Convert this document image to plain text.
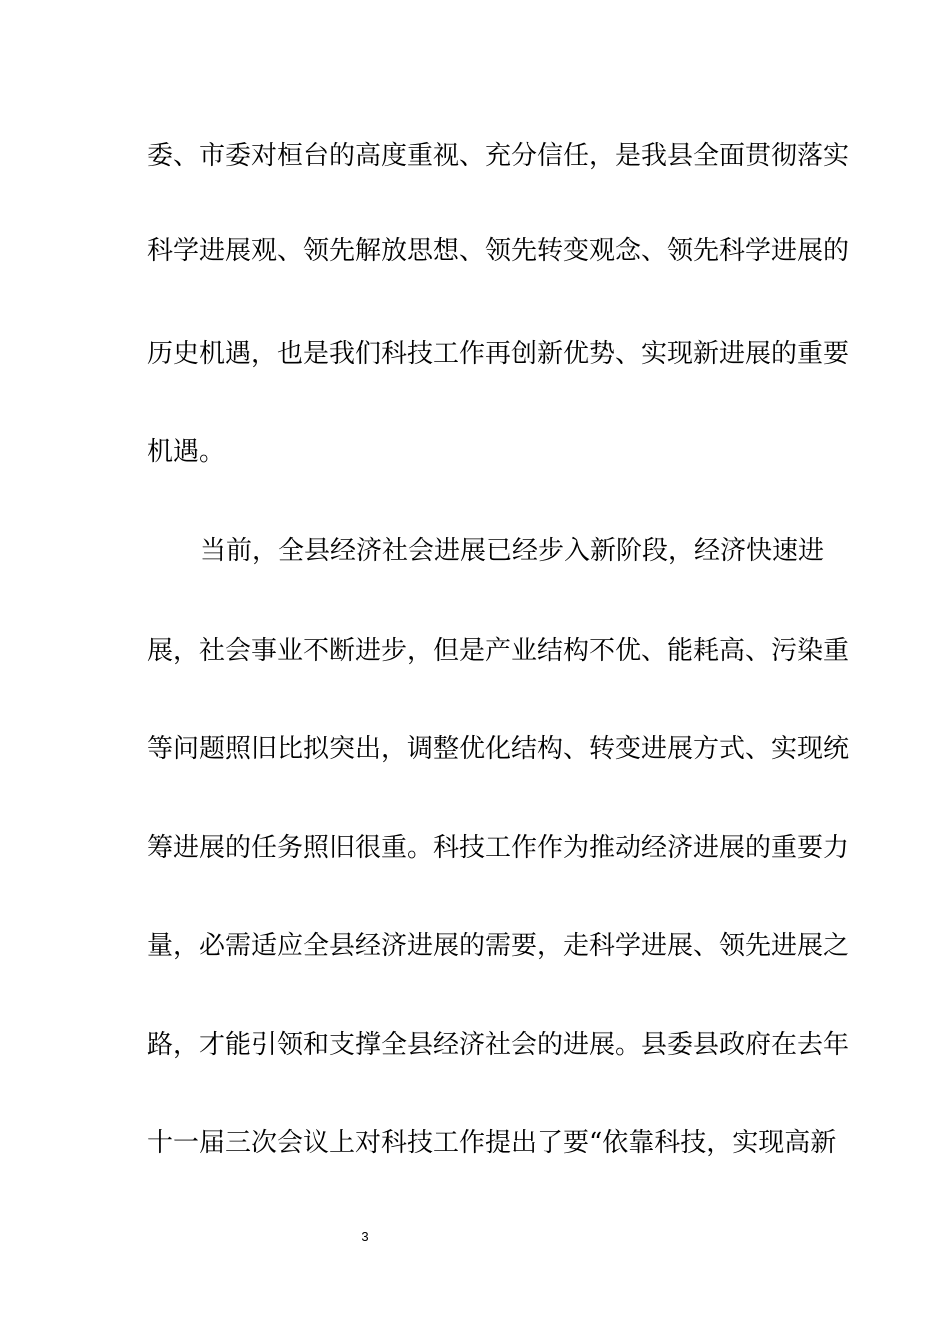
委、市委对桓台的高度重视、充分信任，是我县全面贯彻落实
科学进展观、领先解放思想、领先转变观念、领先科学进展的
历史机遇，也是我们科技工作再创新优势、实现新进展的重要
机遇。
当前，全县经济社会进展已经步入新阶段，经济快速进
展，社会事业不断进步，但是产业结构不优、能耗高、污染重
等问题照旧比拟突出，调整优化结构、转变进展方式、实现统
筹进展的任务照旧很重。科技工作作为推动经济进展的重要力
量，必需适应全县经济进展的需要，走科学进展、领先进展之
路，才能引领和支撑全县经济社会的进展。县委县政府在去年
十一届三次会议上对科技工作提出了要“依靠科技，实现高新
3
